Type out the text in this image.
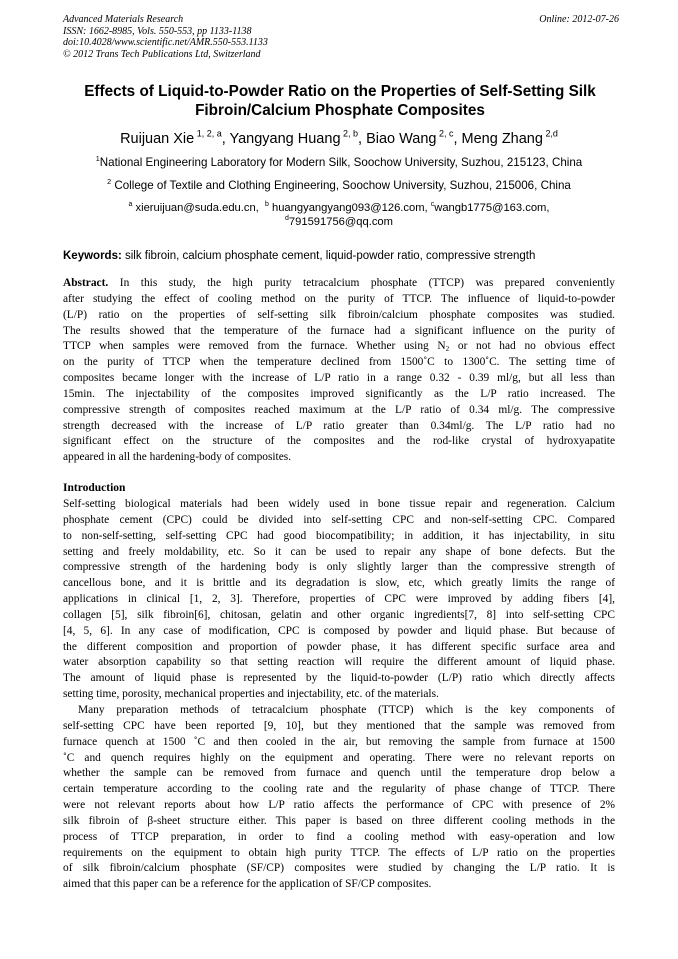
Advanced Materials Research
ISSN: 1662-8985, Vols. 550-553, pp 1133-1138
doi:10.4028/www.scientific.net/AMR.550-553.1133
© 2012 Trans Tech Publications Ltd, Switzerland
Online: 2012-07-26
Effects of Liquid-to-Powder Ratio on the Properties of Self-Setting Silk
Fibroin/Calcium Phosphate Composites
Ruijuan Xie $^{1, 2, a}$, Yangyang Huang $^{2, b}$, Biao Wang $^{2, c}$, Meng Zhang $^{2,d}$
$^1$National Engineering Laboratory for Modern Silk, Soochow University, Suzhou, 215123, China
$^2$ College of Textile and Clothing Engineering, Soochow University, Suzhou, 215006, China
$^a$ xieruijuan@suda.edu.cn, $^b$ huangyangyang093@126.com, $^c$wangb1775@163.com,
$^d$791591756@qq.com
Keywords: silk fibroin, calcium phosphate cement, liquid-powder ratio, compressive strength
Abstract. In this study, the high purity tetracalcium phosphate (TTCP) was prepared conveniently
after studying the effect of cooling method on the purity of TTCP. The influence of liquid-to-powder
(L/P) ratio on the properties of self-setting silk fibroin/calcium phosphate composites was studied.
The results showed that the temperature of the furnace had a significant influence on the purity of
TTCP when samples were removed from the furnace. Whether using $N_2$ or not had no obvious effect
on the purity of TTCP when the temperature declined from 1500˚C to 1300˚C. The setting time of
composites became longer with the increase of L/P ratio in a range 0.32 - 0.39 ml/g, but all less than
15min. The injectability of the composites improved significantly as the L/P ratio increased. The
compressive strength of composites reached maximum at the L/P ratio of 0.34 ml/g. The compressive
strength decreased with the increase of L/P ratio greater than 0.34ml/g. The L/P ratio had no
significant effect on the structure of the composites and the rod-like crystal of hydroxyapatite
appeared in all the hardening-body of composites.
Introduction
Self-setting biological materials had been widely used in bone tissue repair and regeneration. Calcium
phosphate cement (CPC) could be divided into self-setting CPC and non-self-setting CPC. Compared
to non-self-setting, self-setting CPC had good biocompatibility; in addition, it has injectability, in situ
setting and freely moldability, etc. So it can be used to repair any shape of bone defects. But the
compressive strength of the hardening body is only slightly larger than the compressive strength of
cancellous bone, and it is brittle and its degradation is slow, etc, which greatly limits the range of
applications in clinical [1, 2, 3]. Therefore, properties of CPC were improved by adding fibers [4],
collagen [5], silk fibroin[6], chitosan, gelatin and other organic ingredients[7, 8] into self-setting CPC
[4, 5, 6]. In any case of modification, CPC is composed by powder and liquid phase. But because of
the different composition and proportion of powder phase, it has different specific surface area and
water absorption capability so that setting reaction will require the different amount of liquid phase.
The amount of liquid phase is represented by the liquid-to-powder (L/P) ratio which directly affects
setting time, porosity, mechanical properties and injectability, etc. of the materials.
Many preparation methods of tetracalcium phosphate (TTCP) which is the key components of
self-setting CPC have been reported [9, 10], but they mentioned that the sample was removed from
furnace quench at 1500 ˚C and then cooled in the air, but removing the sample from furnace at 1500
˚C and quench requires highly on the equipment and operating. There were no relevant reports on
whether the sample can be removed from furnace and quench until the temperature drop below a
certain temperature according to the cooling rate and the regularity of phase change of TTCP. There
were not relevant reports about how L/P ratio affects the performance of CPC with presence of 2%
silk fibroin of β-sheet structure either. This paper is based on three different cooling methods in the
process of TTCP preparation, in order to find a cooling method with easy-operation and low
requirements on the equipment to obtain high purity TTCP. The effects of L/P ratio on the properties
of silk fibroin/calcium phosphate (SF/CP) composites were studied by changing the L/P ratio. It is
aimed that this paper can be a reference for the application of SF/CP composites.
